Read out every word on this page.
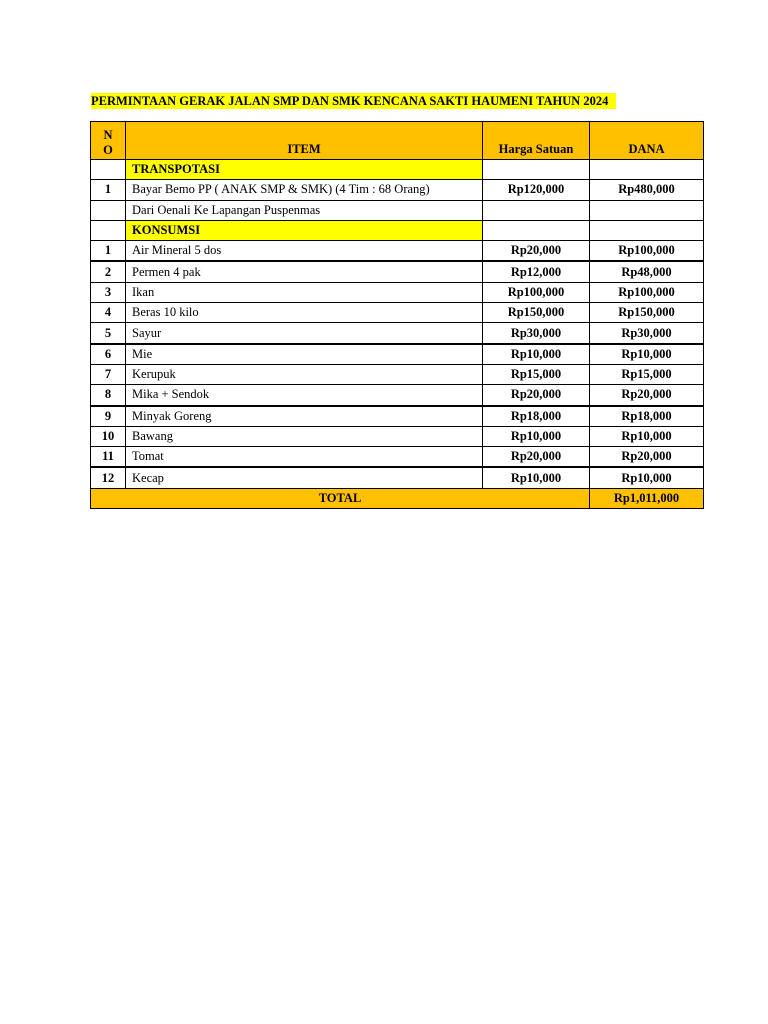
PERMINTAAN GERAK JALAN SMP DAN SMK KENCANA SAKTI HAUMENI TAHUN 2024
N
O	ITEM	Harga Satuan	DANA
	TRANSPOTASI		
1	Bayar Bemo PP ( ANAK SMP & SMK) (4 Tim : 68 Orang)	Rp120,000	Rp480,000
	Dari Oenali Ke Lapangan Puspenmas		
	KONSUMSI		
1	Air Mineral 5 dos	Rp20,000	Rp100,000
2	Permen 4 pak	Rp12,000	Rp48,000
3	Ikan	Rp100,000	Rp100,000
4	Beras 10 kilo	Rp150,000	Rp150,000
5	Sayur	Rp30,000	Rp30,000
6	Mie	Rp10,000	Rp10,000
7	Kerupuk	Rp15,000	Rp15,000
8	Mika + Sendok	Rp20,000	Rp20,000
9	Minyak Goreng	Rp18,000	Rp18,000
10	Bawang	Rp10,000	Rp10,000
11	Tomat	Rp20,000	Rp20,000
12	Kecap	Rp10,000	Rp10,000
TOTAL			Rp1,011,000
